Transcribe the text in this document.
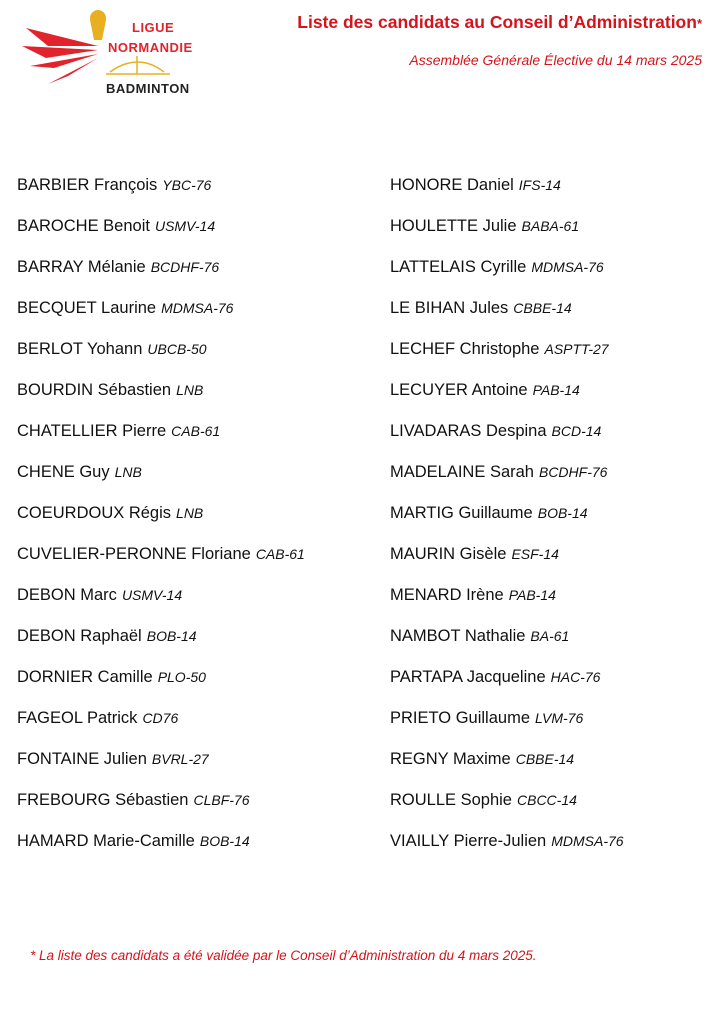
LIGUE
NORMANDIE
BADMINTON
Liste des candidats au Conseil d’Administration*
Assemblée Générale Élective du 14 mars 2025
BARBIER François YBC-76
BAROCHE Benoit USMV-14
BARRAY Mélanie BCDHF-76
BECQUET Laurine MDMSA-76
BERLOT Yohann UBCB-50
BOURDIN Sébastien LNB
CHATELLIER Pierre CAB-61
CHENE Guy LNB
COEURDOUX Régis LNB
CUVELIER-PERONNE Floriane CAB-61
DEBON Marc USMV-14
DEBON Raphaël BOB-14
DORNIER Camille PLO-50
FAGEOL Patrick CD76
FONTAINE Julien BVRL-27
FREBOURG Sébastien CLBF-76
HAMARD Marie-Camille BOB-14
HONORE Daniel IFS-14
HOULETTE Julie BABA-61
LATTELAIS Cyrille MDMSA-76
LE BIHAN Jules CBBE-14
LECHEF Christophe ASPTT-27
LECUYER Antoine PAB-14
LIVADARAS Despina BCD-14
MADELAINE Sarah BCDHF-76
MARTIG Guillaume BOB-14
MAURIN Gisèle ESF-14
MENARD Irène PAB-14
NAMBOT Nathalie BA-61
PARTAPA Jacqueline HAC-76
PRIETO Guillaume LVM-76
REGNY Maxime CBBE-14
ROULLE Sophie CBCC-14
VIAILLY Pierre-Julien MDMSA-76
* La liste des candidats a été validée par le Conseil d’Administration du 4 mars 2025.
